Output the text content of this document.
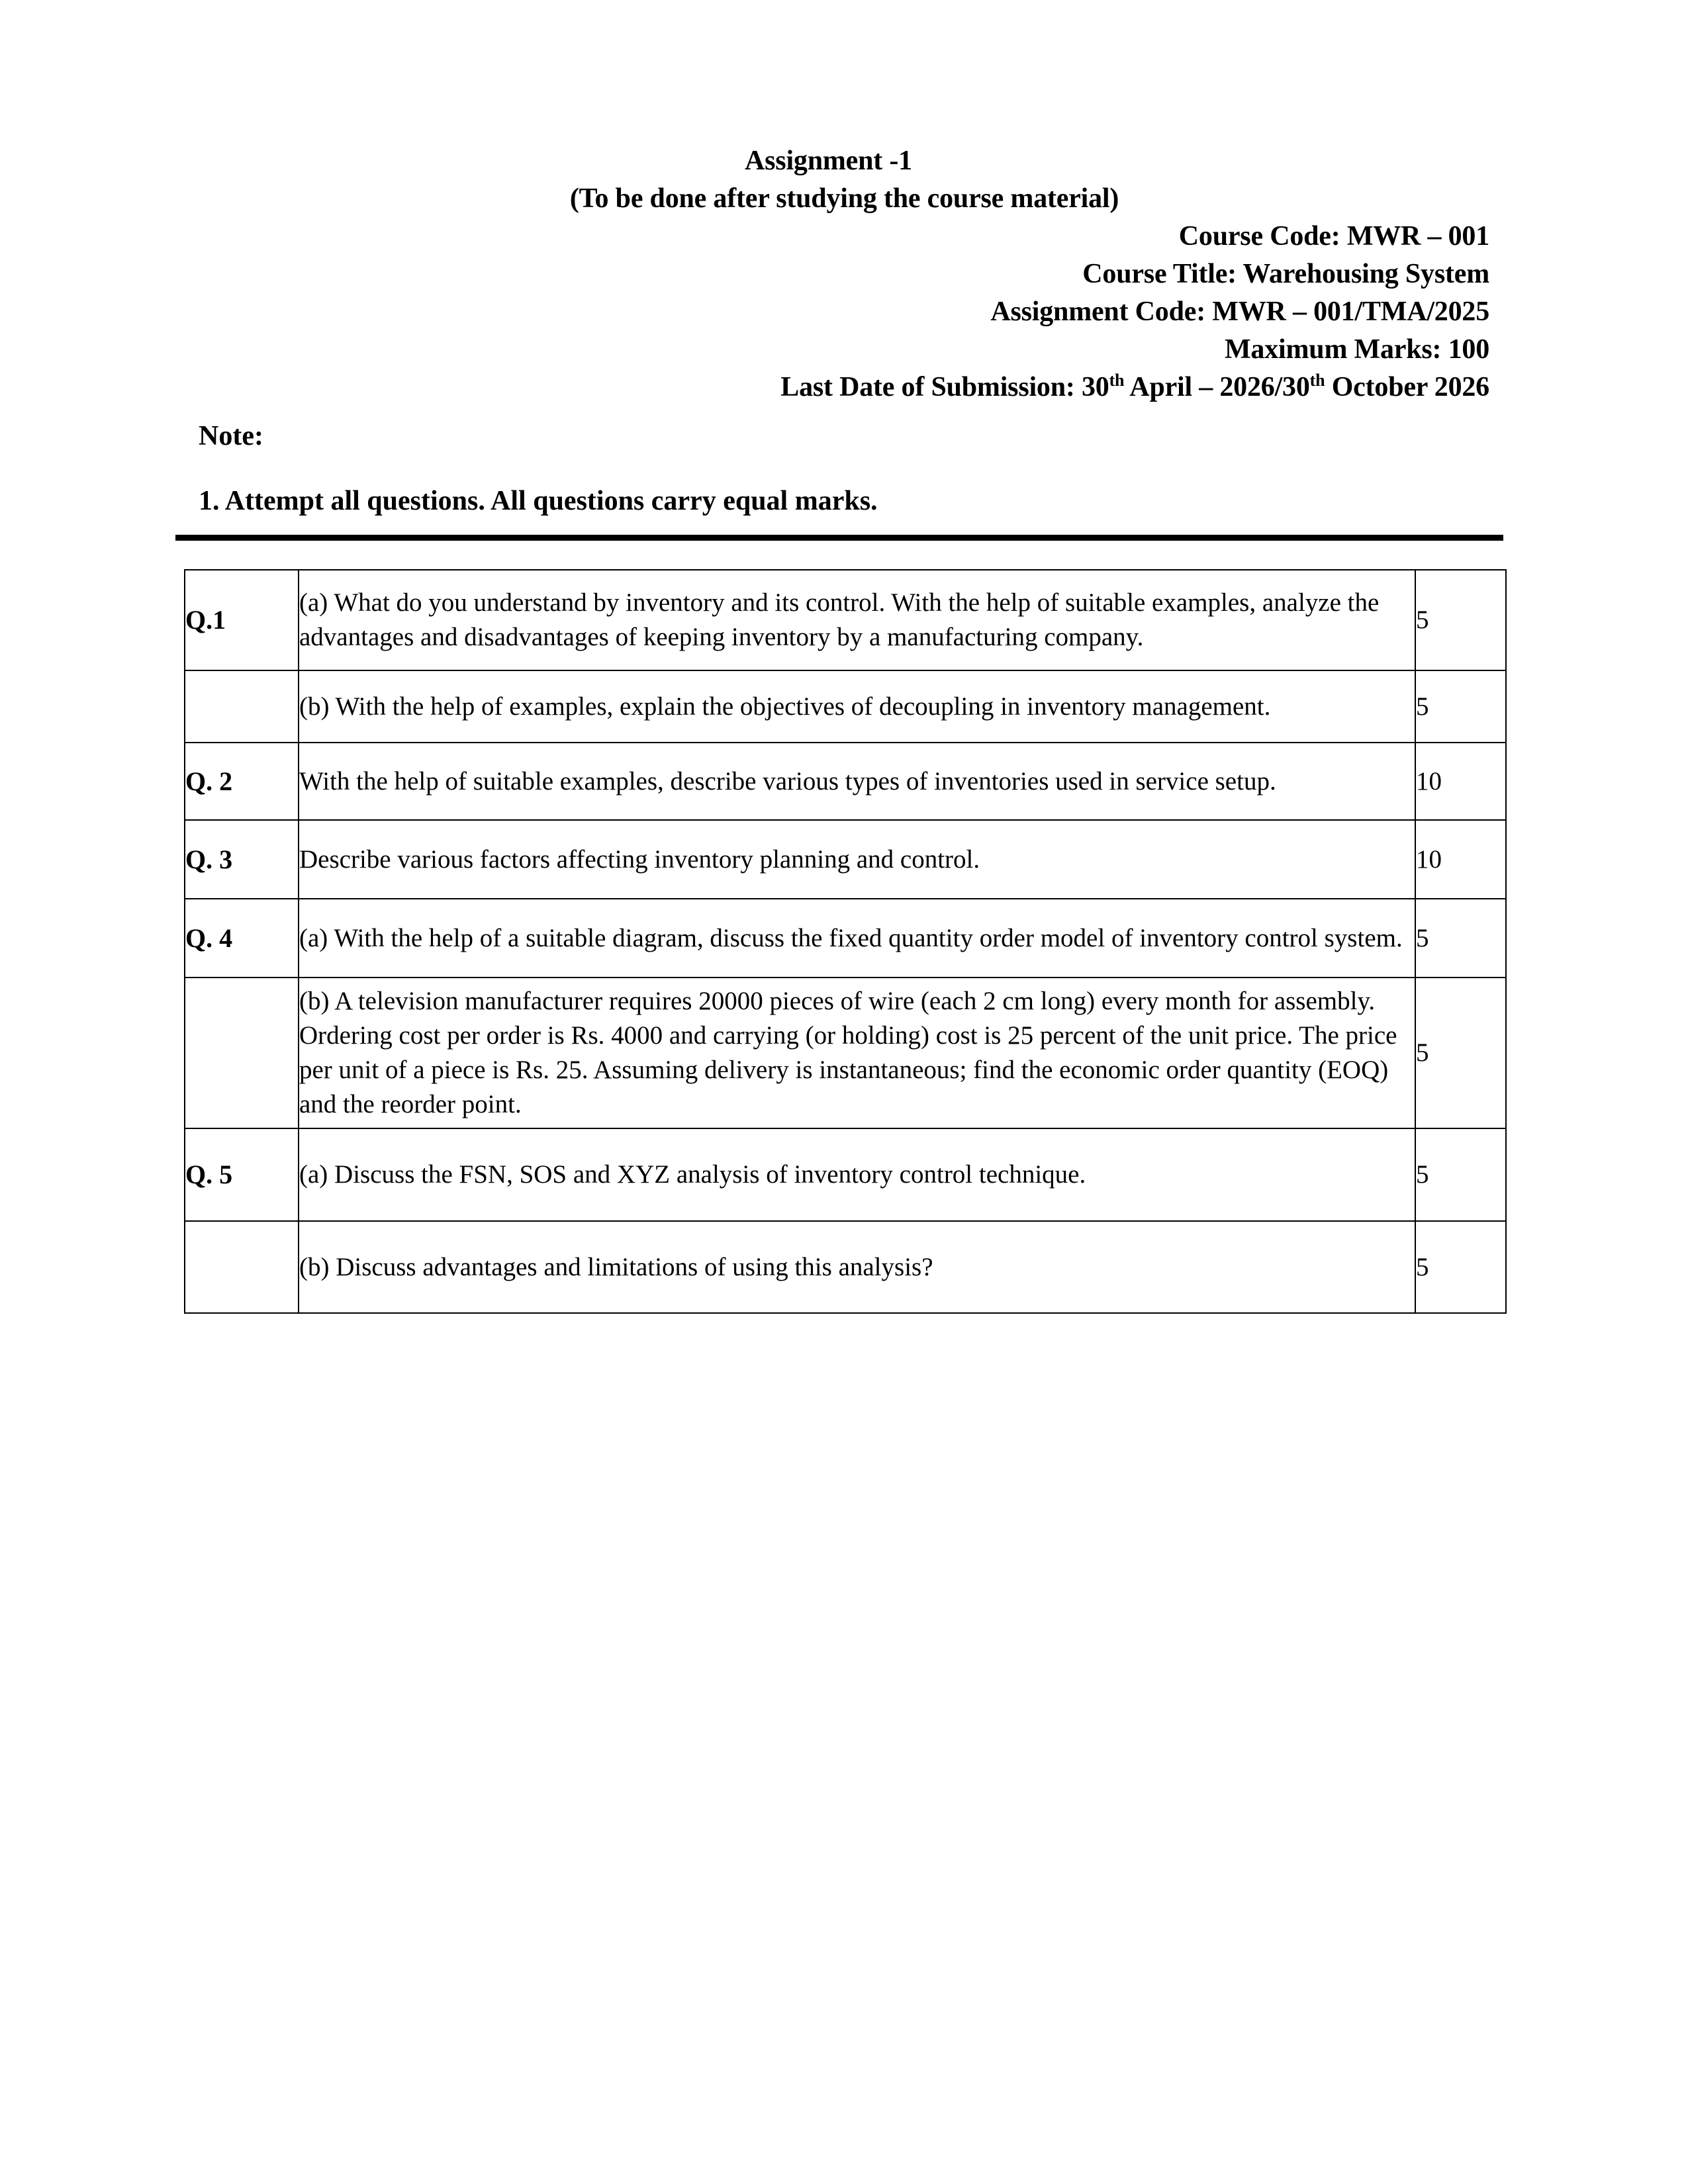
Assignment -1
(To be done after studying the course material)
Course Code: MWR – 001
Course Title: Warehousing System
Assignment Code: MWR – 001/TMA/2025
Maximum Marks: 100
Last Date of Submission: 30th April – 2026/30th October 2026
Note:
1. Attempt all questions. All questions carry equal marks.
Q.1	(a) What do you understand by inventory and its control. With the help of suitable examples, analyze the advantages and disadvantages of keeping inventory by a manufacturing company.	5
	(b) With the help of examples, explain the objectives of decoupling in inventory management.	5
Q. 2	With the help of suitable examples, describe various types of inventories used in service setup.	10
Q. 3	Describe various factors affecting inventory planning and control.	10
Q. 4	(a) With the help of a suitable diagram, discuss the fixed quantity order model of inventory control system.	5
	(b) A television manufacturer requires 20000 pieces of wire (each 2 cm long) every month for assembly. Ordering cost per order is Rs. 4000 and carrying (or holding) cost is 25 percent of the unit price. The price per unit of a piece is Rs. 25. Assuming delivery is instantaneous; find the economic order quantity (EOQ) and the reorder point.	5
Q. 5	(a) Discuss the FSN, SOS and XYZ analysis of inventory control technique.	5
	(b) Discuss advantages and limitations of using this analysis?	5
